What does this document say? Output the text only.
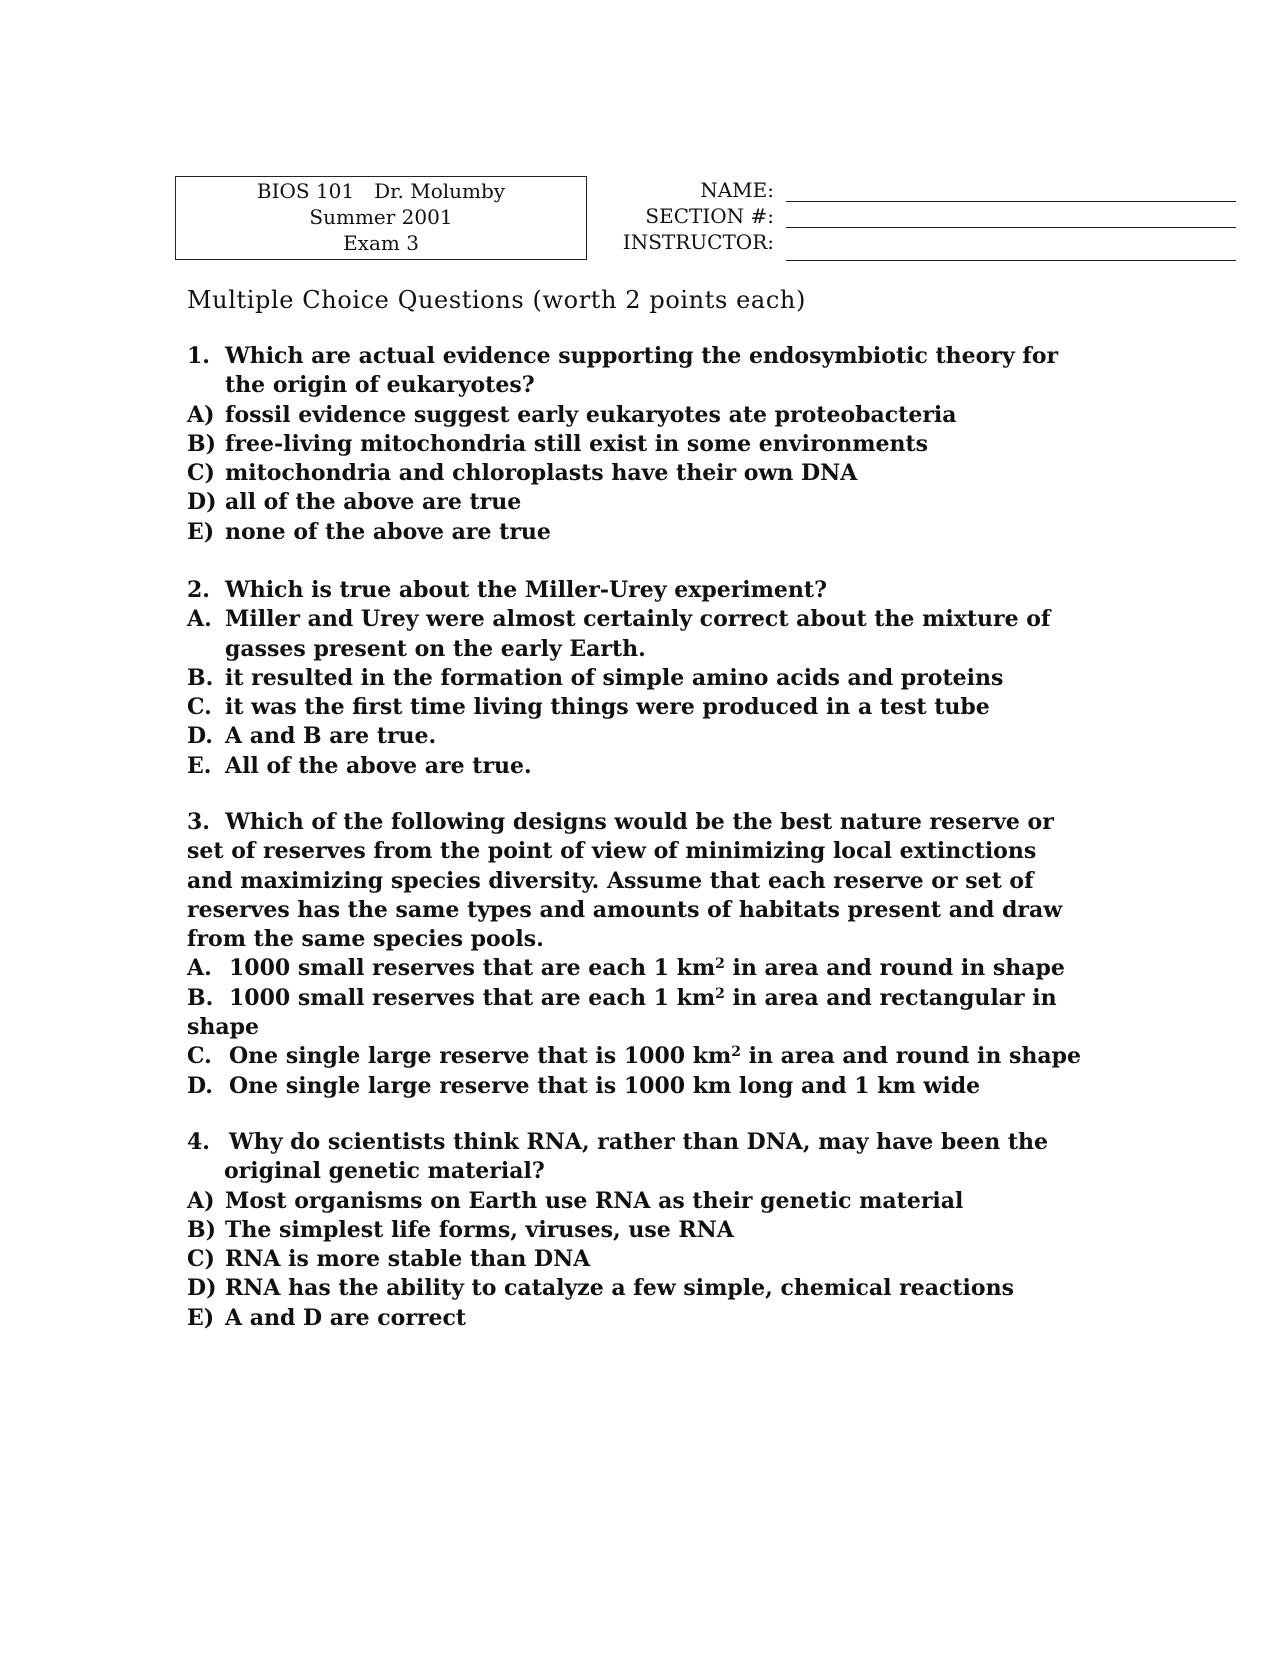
BIOS 101 Dr. Molumby
Summer 2001
Exam 3
NAME:
SECTION #:
INSTRUCTOR:
Multiple Choice Questions (worth 2 points each)
1. Which are actual evidence supporting the endosymbiotic theory for
the origin of eukaryotes?
A) fossil evidence suggest early eukaryotes ate proteobacteria
B) free-living mitochondria still exist in some environments
C) mitochondria and chloroplasts have their own DNA
D) all of the above are true
E) none of the above are true
2. Which is true about the Miller-Urey experiment?
A. Miller and Urey were almost certainly correct about the mixture of
gasses present on the early Earth.
B. it resulted in the formation of simple amino acids and proteins
C. it was the first time living things were produced in a test tube
D. A and B are true.
E. All of the above are true.
3. Which of the following designs would be the best nature reserve or set of reserves from the point of view of minimizing local extinctions and maximizing species diversity. Assume that each reserve or set of reserves has the same types and amounts of habitats present and draw from the same species pools.
A. 1000 small reserves that are each 1 $km^2$ in area and round in shape
B. 1000 small reserves that are each 1 $km^2$ in area and rectangular in
shape
C. One single large reserve that is 1000 $km^2$ in area and round in shape
D. One single large reserve that is 1000 km long and 1 km wide
4. Why do scientists think RNA, rather than DNA, may have been the
original genetic material?
A) Most organisms on Earth use RNA as their genetic material
B) The simplest life forms, viruses, use RNA
C) RNA is more stable than DNA
D) RNA has the ability to catalyze a few simple, chemical reactions
E) A and D are correct
